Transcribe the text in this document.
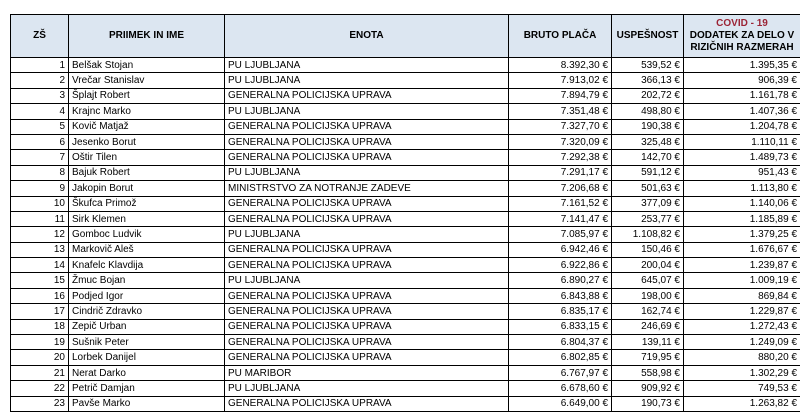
ZŠ	PRIIMEK IN IME	ENOTA	BRUTO PLAČA	USPEŠNOST	COVID - 19
DODATEK ZA DELO V RIZIČNIH RAZMERAH
1	Belšak Stojan	PU LJUBLJANA	8.392,30 €	539,52 €	1.395,35 €
2	Vrečar Stanislav	PU LJUBLJANA	7.913,02 €	366,13 €	906,39 €
3	Šplajt Robert	GENERALNA POLICIJSKA UPRAVA	7.894,79 €	202,72 €	1.161,78 €
4	Krajnc Marko	PU LJUBLJANA	7.351,48 €	498,80 €	1.407,36 €
5	Kovič Matjaž	GENERALNA POLICIJSKA UPRAVA	7.327,70 €	190,38 €	1.204,78 €
6	Jesenko Borut	GENERALNA POLICIJSKA UPRAVA	7.320,09 €	325,48 €	1.110,11 €
7	Oštir Tilen	GENERALNA POLICIJSKA UPRAVA	7.292,38 €	142,70 €	1.489,73 €
8	Bajuk Robert	PU LJUBLJANA	7.291,17 €	591,12 €	951,43 €
9	Jakopin Borut	MINISTRSTVO ZA NOTRANJE ZADEVE	7.206,68 €	501,63 €	1.113,80 €
10	Škufca Primož	GENERALNA POLICIJSKA UPRAVA	7.161,52 €	377,09 €	1.140,06 €
11	Sirk Klemen	GENERALNA POLICIJSKA UPRAVA	7.141,47 €	253,77 €	1.185,89 €
12	Gomboc Ludvik	PU LJUBLJANA	7.085,97 €	1.108,82 €	1.379,25 €
13	Markovič Aleš	GENERALNA POLICIJSKA UPRAVA	6.942,46 €	150,46 €	1.676,67 €
14	Knafelc Klavdija	GENERALNA POLICIJSKA UPRAVA	6.922,86 €	200,04 €	1.239,87 €
15	Žmuc Bojan	PU LJUBLJANA	6.890,27 €	645,07 €	1.009,19 €
16	Podjed Igor	GENERALNA POLICIJSKA UPRAVA	6.843,88 €	198,00 €	869,84 €
17	Cindrič Zdravko	GENERALNA POLICIJSKA UPRAVA	6.835,17 €	162,74 €	1.229,87 €
18	Zepič Urban	GENERALNA POLICIJSKA UPRAVA	6.833,15 €	246,69 €	1.272,43 €
19	Sušnik Peter	GENERALNA POLICIJSKA UPRAVA	6.804,37 €	139,11 €	1.249,09 €
20	Lorbek Danijel	GENERALNA POLICIJSKA UPRAVA	6.802,85 €	719,95 €	880,20 €
21	Nerat Darko	PU MARIBOR	6.767,97 €	558,98 €	1.302,29 €
22	Petrič Damjan	PU LJUBLJANA	6.678,60 €	909,92 €	749,53 €
23	Pavše Marko	GENERALNA POLICIJSKA UPRAVA	6.649,00 €	190,73 €	1.263,82 €
